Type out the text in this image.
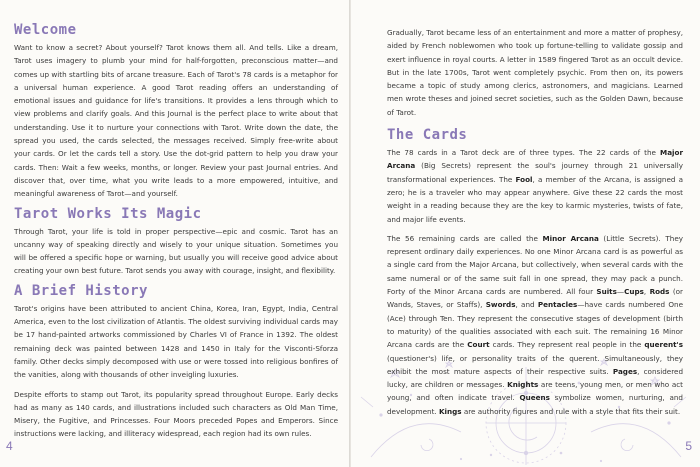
Welcome

Want to know a secret? About yourself? Tarot knows them all. And tells. Like a dream, Tarot uses imagery to plumb your mind for half-forgotten, preconscious matter—and comes up with startling bits of arcane treasure. Each of Tarot's 78 cards is a metaphor for a universal human experience. A good Tarot reading offers an understanding of emotional issues and guidance for life's transitions. It provides a lens through which to view problems and clarify goals. And this Journal is the perfect place to write about that understanding. Use it to nurture your connections with Tarot. Write down the date, the spread you used, the cards selected, the messages received. Simply free-write about your cards. Or let the cards tell a story. Use the dot-grid pattern to help you draw your cards. Then: Wait a few weeks, months, or longer. Review your past Journal entries. And discover that, over time, what you write leads to a more empowered, intuitive, and meaningful awareness of Tarot—and yourself.

Tarot Works Its Magic

Through Tarot, your life is told in proper perspective—epic and cosmic. Tarot has an uncanny way of speaking directly and wisely to your unique situation. Sometimes you will be offered a specific hope or warning, but usually you will receive good advice about creating your own best future. Tarot sends you away with courage, insight, and flexibility.

A Brief History

Tarot's origins have been attributed to ancient China, Korea, Iran, Egypt, India, Central America, even to the lost civilization of Atlantis. The oldest surviving individual cards may be 17 hand-painted artworks commissioned by Charles VI of France in 1392. The oldest remaining deck was painted between 1428 and 1450 in Italy for the Visconti-Sforza family. Other decks simply decomposed with use or were tossed into religious bonfires of the vanities, along with thousands of other inveigling luxuries.

Despite efforts to stamp out Tarot, its popularity spread throughout Europe. Early decks had as many as 140 cards, and illustrations included such characters as Old Man Time, Misery, the Fugitive, and Princesses. Four Moors preceded Popes and Emperors. Since instructions were lacking, and illiteracy widespread, each region had its own rules.

4

Gradually, Tarot became less of an entertainment and more a matter of prophesy, aided by French noblewomen who took up fortune-telling to validate gossip and exert influence in royal courts. A letter in 1589 fingered Tarot as an occult device. But in the late 1700s, Tarot went completely psychic. From then on, its powers became a topic of study among clerics, astronomers, and magicians. Learned men wrote theses and joined secret societies, such as the Golden Dawn, because of Tarot.

The Cards

The 78 cards in a Tarot deck are of three types. The 22 cards of the Major Arcana (Big Secrets) represent the soul's journey through 21 universally transformational experiences. The Fool, a member of the Arcana, is assigned a zero; he is a traveler who may appear anywhere. Give these 22 cards the most weight in a reading because they are the key to karmic mysteries, twists of fate, and major life events.

The 56 remaining cards are called the Minor Arcana (Little Secrets). They represent ordinary daily experiences. No one Minor Arcana card is as powerful as a single card from the Major Arcana, but collectively, when several cards with the same numeral or of the same suit fall in one spread, they may pack a punch. Forty of the Minor Arcana cards are numbered. All four Suits—Cups, Rods (or Wands, Staves, or Staffs), Swords, and Pentacles—have cards numbered One (Ace) through Ten. They represent the consecutive stages of development (birth to maturity) of the qualities associated with each suit. The remaining 16 Minor Arcana cards are the Court cards. They represent real people in the querent's (questioner's) life, or personality traits of the querent. Simultaneously, they exhibit the most mature aspects of their respective suits. Pages, considered lucky, are children or messages. Knights are teens, young men, or men who act young, and often indicate travel. Queens symbolize women, nurturing, and development. Kings are authority figures and rule with a style that fits their suit.

5
